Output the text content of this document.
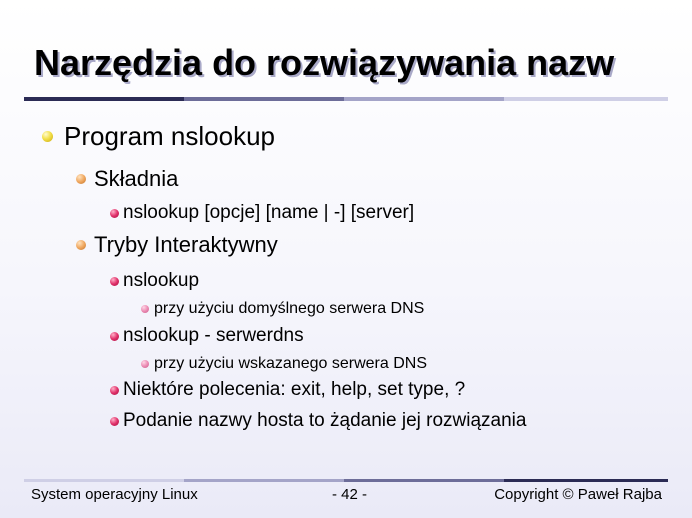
Narzędzia do rozwiązywania nazw
Program nslookup
Składnia
nslookup [opcje] [name | -] [server]
Tryby Interaktywny
nslookup
przy użyciu domyślnego serwera DNS
nslookup - serwerdns
przy użyciu wskazanego serwera DNS
Niektóre polecenia: exit, help, set type, ?
Podanie nazwy hosta to żądanie jej rozwiązania
System operacyjny Linux	- 42 -	Copyright © Paweł Rajba
